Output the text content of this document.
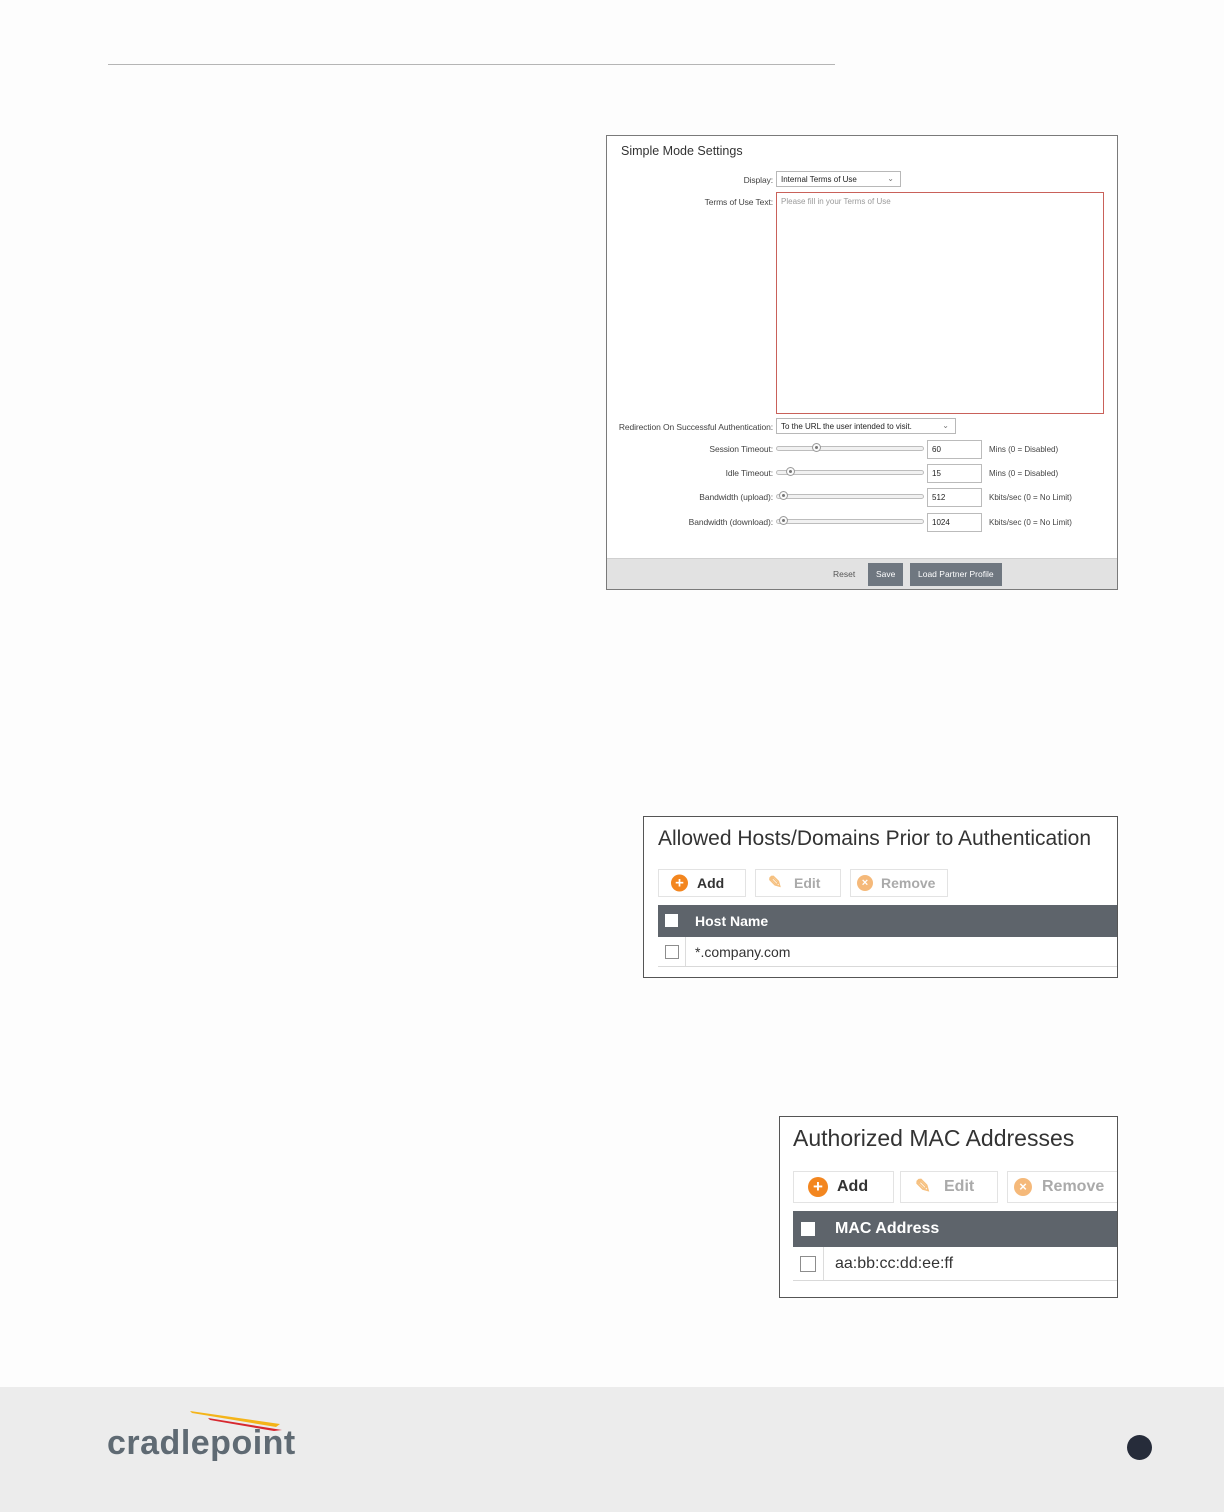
Simple Mode Settings
Display:	Internal Terms of Use	⌄
Terms of Use Text: Please fill in your Terms of Use
Redirection On Successful Authentication:	To the URL the user intended to visit.	⌄
Session Timeout:	60	Mins (0 = Disabled)
Idle Timeout:	15	Mins (0 = Disabled)
Bandwidth (upload):	512	Kbits/sec (0 = No Limit)
Bandwidth (download):	1024	Kbits/sec (0 = No Limit)
Reset	Save	Load Partner Profile
Allowed Hosts/Domains Prior to Authentication
+ Add	✎ Edit	× Remove
Host Name
*.company.com
Authorized MAC Addresses
+ Add ✎ Edit	× Remove
MAC Address
aa:bb:cc:dd:ee:ff
cradlepoint
